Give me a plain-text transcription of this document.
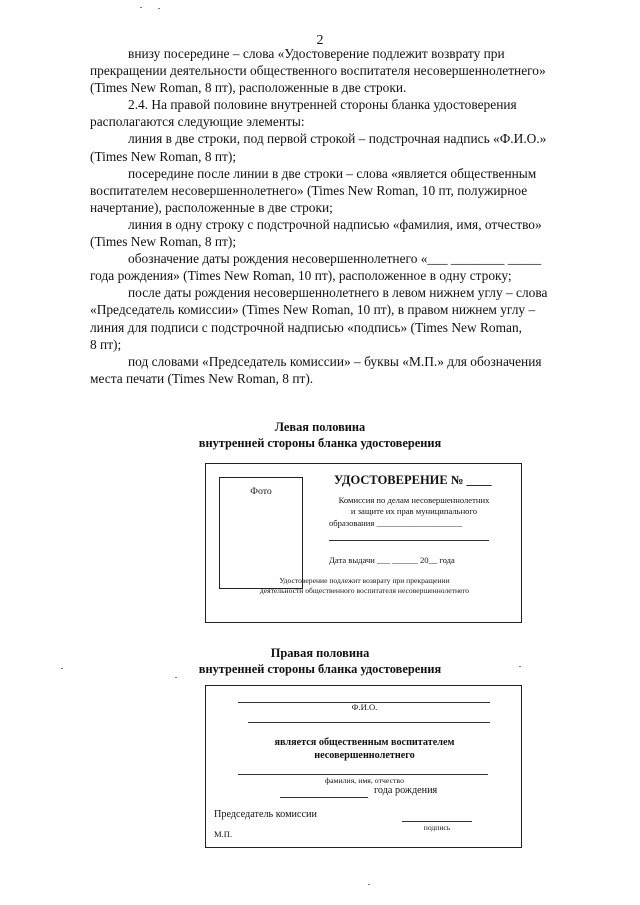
2
внизу посередине – слова «Удостоверение подлежит возврату при
прекращении деятельности общественного воспитателя несовершеннолетнего»
(Times New Roman, 8 пт), расположенные в две строки.
2.4. На правой половине внутренней стороны бланка удостоверения
располагаются следующие элементы:
линия в две строки, под первой строкой – подстрочная надпись «Ф.И.О.»
(Times New Roman, 8 пт);
посередине после линии в две строки – слова «является общественным
воспитателем несовершеннолетнего» (Times New Roman, 10 пт, полужирное
начертание), расположенные в две строки;
линия в одну строку с подстрочной надписью «фамилия, имя, отчество»
(Times New Roman, 8 пт);
обозначение даты рождения несовершеннолетнего «___ ________ _____
года рождения» (Times New Roman, 10 пт), расположенное в одну строку;
после даты рождения несовершеннолетнего в левом нижнем углу – слова
«Председатель комиссии» (Times New Roman, 10 пт), в правом нижнем углу –
линия для подписи с подстрочной надписью «подпись» (Times New Roman,
8 пт);
под словами «Председатель комиссии» – буквы «М.П.» для обозначения
места печати (Times New Roman, 8 пт).
Левая половина
внутренней стороны бланка удостоверения
Фото
УДОСТОВЕРЕНИЕ № ____
Комиссия по делам несовершеннолетних
и защите их прав муниципального
образования ____________________
Дата выдачи ___ ______ 20__ года
Удостоверение подлежит возврату при прекращении
деятельности общественного воспитателя несовершеннолетнего
Правая половина
внутренней стороны бланка удостоверения
Ф.И.О.
является общественным воспитателем
несовершеннолетнего
фамилия, имя, отчество
года рождения
Председатель комиссии
подпись
М.П.
